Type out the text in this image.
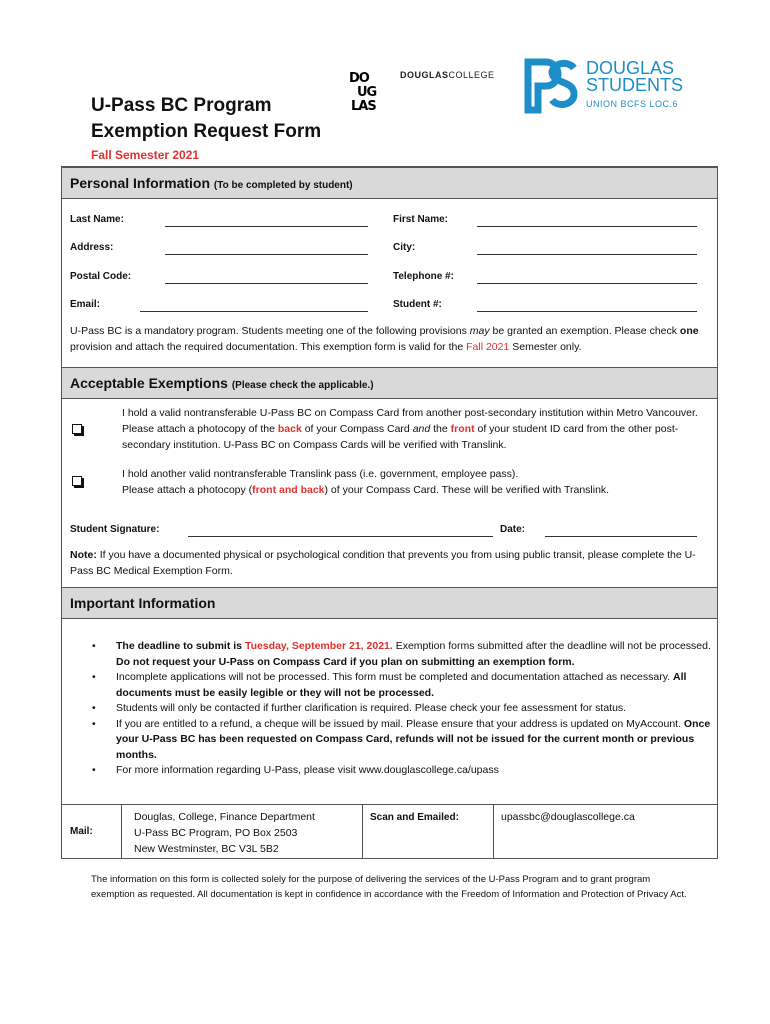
U-Pass BC Program
Exemption Request Form
Fall Semester 2021
DO
UG
LAS
DOUGLASCOLLEGE	DOUGLAS
STUDENTS
UNION BCFS LOC.6
Personal Information (To be completed by student)
Last Name:	First Name:
Address:	City:
Postal Code:	Telephone #:
Email:	Student #:
U-Pass BC is a mandatory program. Students meeting one of the following provisions may be granted an exemption. Please check one provision and attach the required documentation. This exemption form is valid for the Fall 2021 Semester only.
Acceptable Exemptions (Please check the applicable.)
I hold a valid nontransferable U-Pass BC on Compass Card from another post-secondary institution within Metro Vancouver. Please attach a photocopy of the back of your Compass Card and the front of your student ID card from the other post-secondary institution. U-Pass BC on Compass Cards will be verified with Translink.
I hold another valid nontransferable Translink pass (i.e. government, employee pass).
Please attach a photocopy (front and back) of your Compass Card. These will be verified with Translink.
Student Signature:	Date:
Note: If you have a documented physical or psychological condition that prevents you from using public transit, please complete the U-Pass BC Medical Exemption Form.
Important Information
• The deadline to submit is Tuesday, September 21, 2021. Exemption forms submitted after the deadline will not be processed. Do not request your U-Pass on Compass Card if you plan on submitting an exemption form.
• Incomplete applications will not be processed. This form must be completed and documentation attached as necessary. All documents must be easily legible or they will not be processed.
• Students will only be contacted if further clarification is required. Please check your fee assessment for status.
• If you are entitled to a refund, a cheque will be issued by mail. Please ensure that your address is updated on MyAccount. Once your U-Pass BC has been requested on Compass Card, refunds will not be issued for the current month or previous months.
• For more information regarding U-Pass, please visit www.douglascollege.ca/upass
Mail:
Douglas, College, Finance Department
U-Pass BC Program, PO Box 2503
New Westminster, BC V3L 5B2
Scan and Emailed:	upassbc@douglascollege.ca
The information on this form is collected solely for the purpose of delivering the services of the U-Pass Program and to grant program exemption as requested. All documentation is kept in confidence in accordance with the Freedom of Information and Protection of Privacy Act.
